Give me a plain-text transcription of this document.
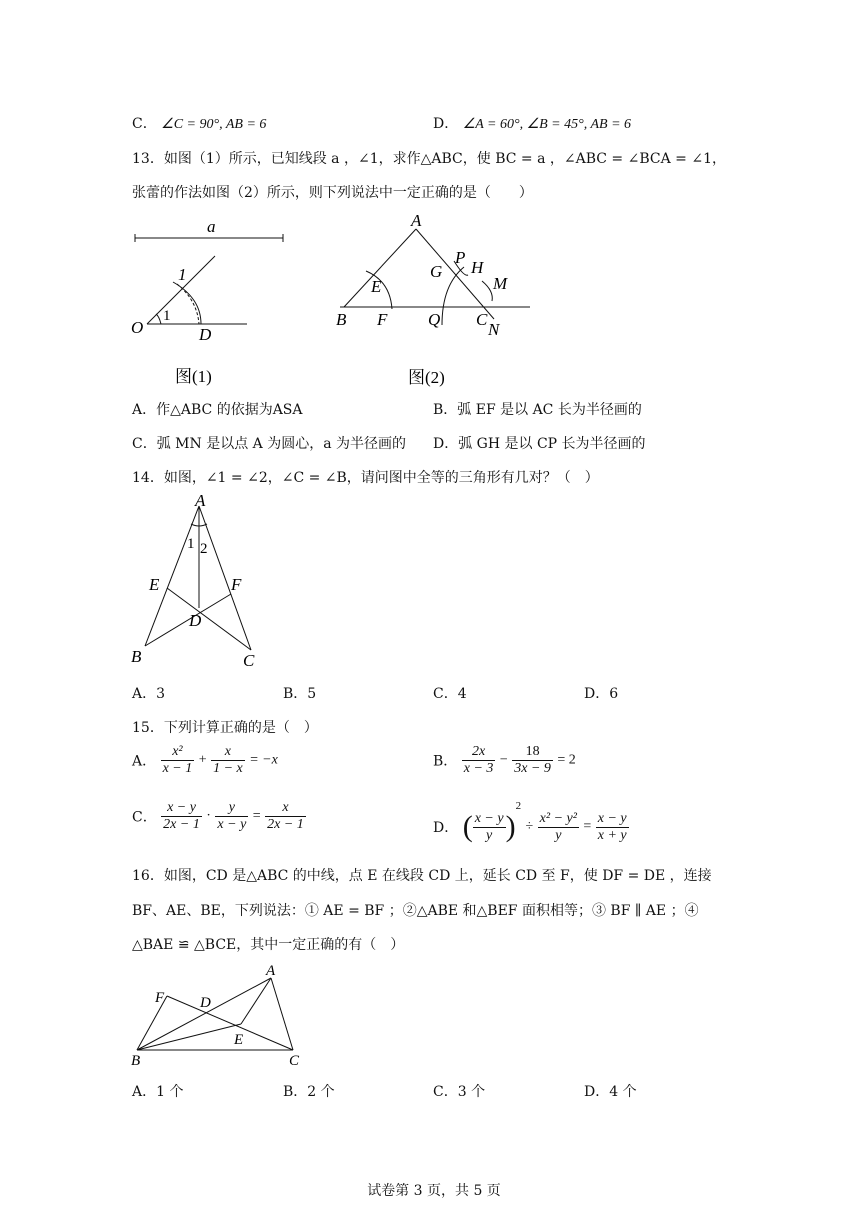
C． ∠C = 90°, AB = 6	D． ∠A = 60°, ∠B = 45°, AB = 6
13．如图（1）所示，已知线段 a ，∠1，求作△ABC，使 BC = a ，∠ABC = ∠BCA = ∠1，
张蕾的作法如图（2）所示，则下列说法中一定正确的是（　　）
a
1
1
O	D
图(1)
A
B
E
F
G
P
H
M
Q C
N
图(2)
A．作△ABC 的依据为ASA	B．弧 EF 是以 AC 长为半径画的
C．弧 MN 是以点 A 为圆心，a 为半径画的 D．弧 GH 是以 CP 长为半径画的
14．如图，∠1 = ∠2，∠C = ∠B，请问图中全等的三角形有几对？（　）
A
1 2
E	F
D
B	C
A．3	B．5	C．4	D．6
15．下列计算正确的是（　）
A． $\frac{\text{x²}}{x - 1} + \frac{x}{1 - x} = -x$	B． $\frac{2x}{x - 3} - \frac{18}{3x - 9} = 2$
C． $\frac{x - y}{2x - 1} \cdot \frac{y}{x - y} = \frac{x}{2x - 1}$	D． ( $\frac{x - y}{y} )^2 \div \frac{\text{x² − y²}}{y} = \frac{x - y}{x + y}$
16．如图，CD 是△ABC 的中线，点 E 在线段 CD 上，延长 CD 至 F，使 DF = DE ，连接
BF、AE、BE，下列说法：① AE = BF ；②△ABE 和△BEF 面积相等；③ BF ∥ AE ；④
△BAE ≌ △BCE，其中一定正确的有（　）
A
F D
E
B	C
A．1 个	B．2 个	C．3 个	D．4 个
试卷第 3 页，共 5 页
